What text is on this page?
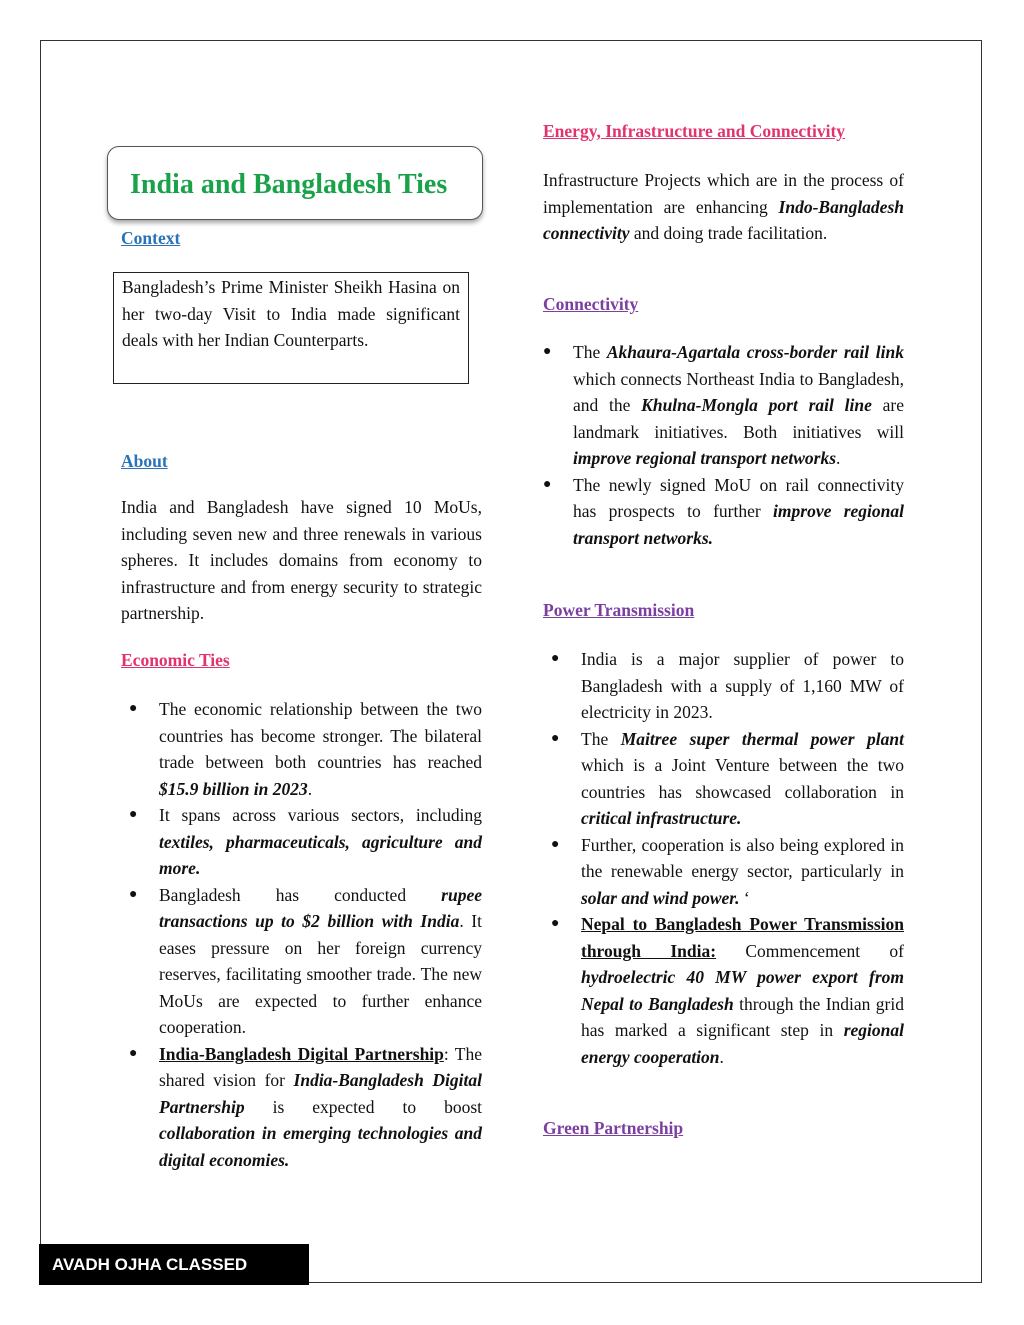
India and Bangladesh Ties
Context

Bangladesh’s Prime Minister Sheikh Hasina on her two-day Visit to India made significant deals with her Indian Counterparts.

About

India and Bangladesh have signed 10 MoUs, including seven new and three renewals in various spheres. It includes domains from economy to infrastructure and from energy security to strategic partnership.

Economic Ties
● The economic relationship between the two countries has become stronger. The bilateral trade between both countries has reached $15.9 billion in 2023.
● It spans across various sectors, including textiles, pharmaceuticals, agriculture and more.
● Bangladesh has conducted rupee transactions up to $2 billion with India. It eases pressure on her foreign currency reserves, facilitating smoother trade. The new MoUs are expected to further enhance cooperation.
● India-Bangladesh Digital Partnership: The shared vision for India-Bangladesh Digital Partnership is expected to boost collaboration in emerging technologies and digital economies.
Energy, Infrastructure and Connectivity

Infrastructure Projects which are in the process of implementation are enhancing Indo-Bangladesh connectivity and doing trade facilitation.

Connectivity
● The Akhaura-Agartala cross-border rail link which connects Northeast India to Bangladesh, and the Khulna-Mongla port rail line are landmark initiatives. Both initiatives will improve regional transport networks.
● The newly signed MoU on rail connectivity has prospects to further improve regional transport networks.
Power Transmission
● India is a major supplier of power to Bangladesh with a supply of 1,160 MW of electricity in 2023.
● The Maitree super thermal power plant which is a Joint Venture between the two countries has showcased collaboration in critical infrastructure.
● Further, cooperation is also being explored in the renewable energy sector, particularly in solar and wind power. ‘
● Nepal to Bangladesh Power Transmission through India: Commencement of hydroelectric 40 MW power export from Nepal to Bangladesh through the Indian grid has marked a significant step in regional energy cooperation.
Green Partnership
AVADH OJHA CLASSED
